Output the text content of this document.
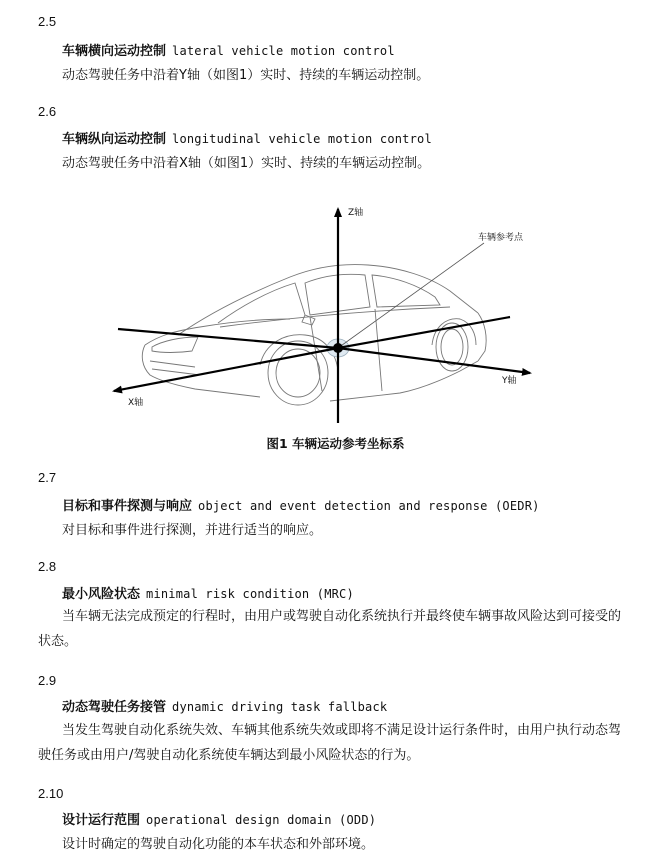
2.5
车辆横向运动控制 lateral vehicle motion control
动态驾驶任务中沿着Y轴（如图1）实时、持续的车辆运动控制。
2.6
车辆纵向运动控制 longitudinal vehicle motion control
动态驾驶任务中沿着X轴（如图1）实时、持续的车辆运动控制。
Z轴
车辆参考点
Y轴
X轴
图1 车辆运动参考坐标系
2.7
目标和事件探测与响应 object and event detection and response (OEDR)
对目标和事件进行探测，并进行适当的响应。
2.8
最小风险状态 minimal risk condition (MRC)
当车辆无法完成预定的行程时，由用户或驾驶自动化系统执行并最终使车辆事故风险达到可接受的状态。
2.9
动态驾驶任务接管 dynamic driving task fallback
当发生驾驶自动化系统失效、车辆其他系统失效或即将不满足设计运行条件时，由用户执行动态驾驶任务或由用户/驾驶自动化系统使车辆达到最小风险状态的行为。
2.10
设计运行范围 operational design domain (ODD)
设计时确定的驾驶自动化功能的本车状态和外部环境。
